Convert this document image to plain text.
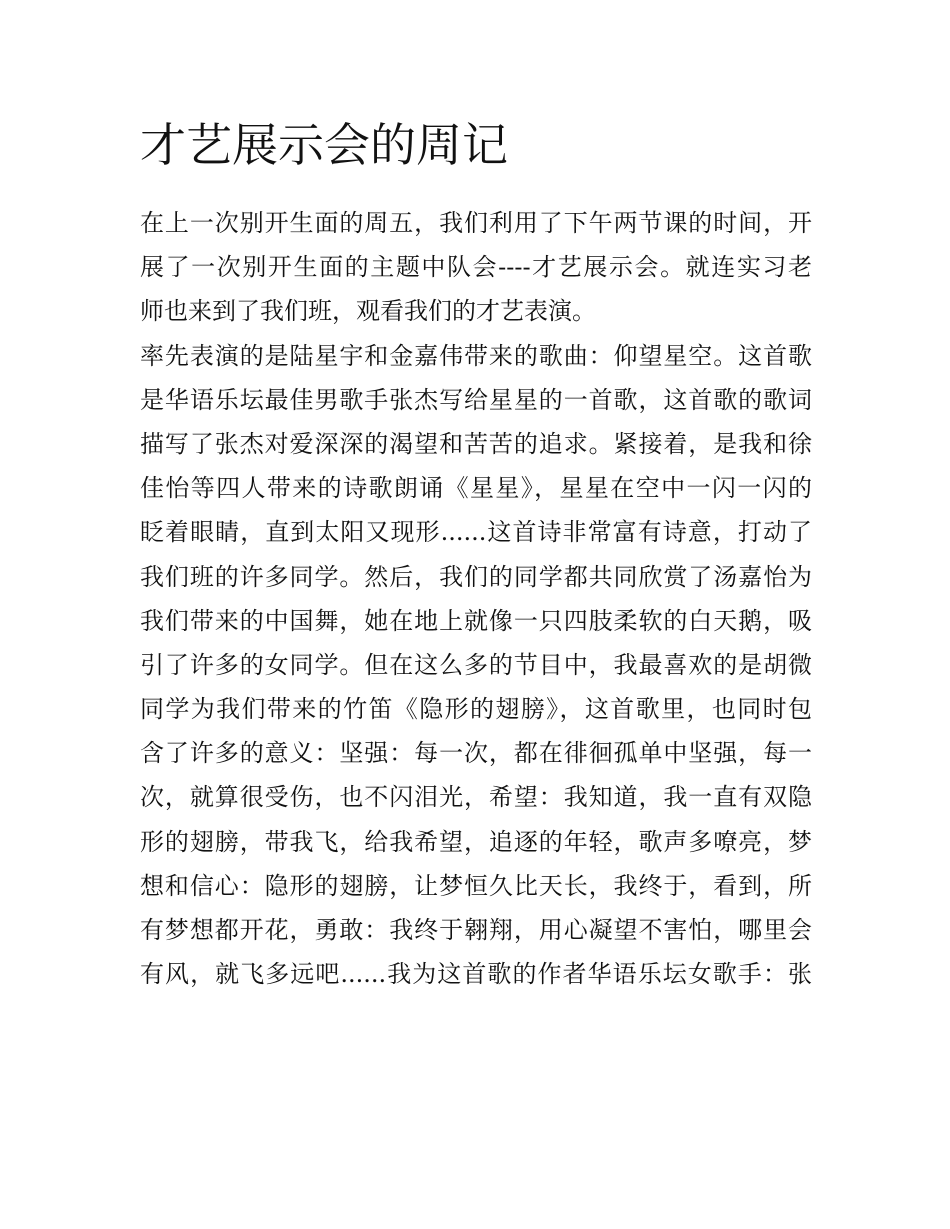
才艺展示会的周记
在上一次别开生面的周五，我们利用了下午两节课的时间，开
展了一次别开生面的主题中队会----才艺展示会。就连实习老
师也来到了我们班，观看我们的才艺表演。
率先表演的是陆星宇和金嘉伟带来的歌曲：仰望星空。这首歌
是华语乐坛最佳男歌手张杰写给星星的一首歌，这首歌的歌词
描写了张杰对爱深深的渴望和苦苦的追求。紧接着，是我和徐
佳怡等四人带来的诗歌朗诵《星星》，星星在空中一闪一闪的
眨着眼睛，直到太阳又现形......这首诗非常富有诗意，打动了
我们班的许多同学。然后，我们的同学都共同欣赏了汤嘉怡为
我们带来的中国舞，她在地上就像一只四肢柔软的白天鹅，吸
引了许多的女同学。但在这么多的节目中，我最喜欢的是胡微
同学为我们带来的竹笛《隐形的翅膀》，这首歌里，也同时包
含了许多的意义：坚强：每一次，都在徘徊孤单中坚强，每一
次，就算很受伤，也不闪泪光，希望：我知道，我一直有双隐
形的翅膀，带我飞，给我希望，追逐的年轻，歌声多嘹亮，梦
想和信心：隐形的翅膀，让梦恒久比天长，我终于，看到，所
有梦想都开花，勇敢：我终于翱翔，用心凝望不害怕，哪里会
有风，就飞多远吧......我为这首歌的作者华语乐坛女歌手：张
